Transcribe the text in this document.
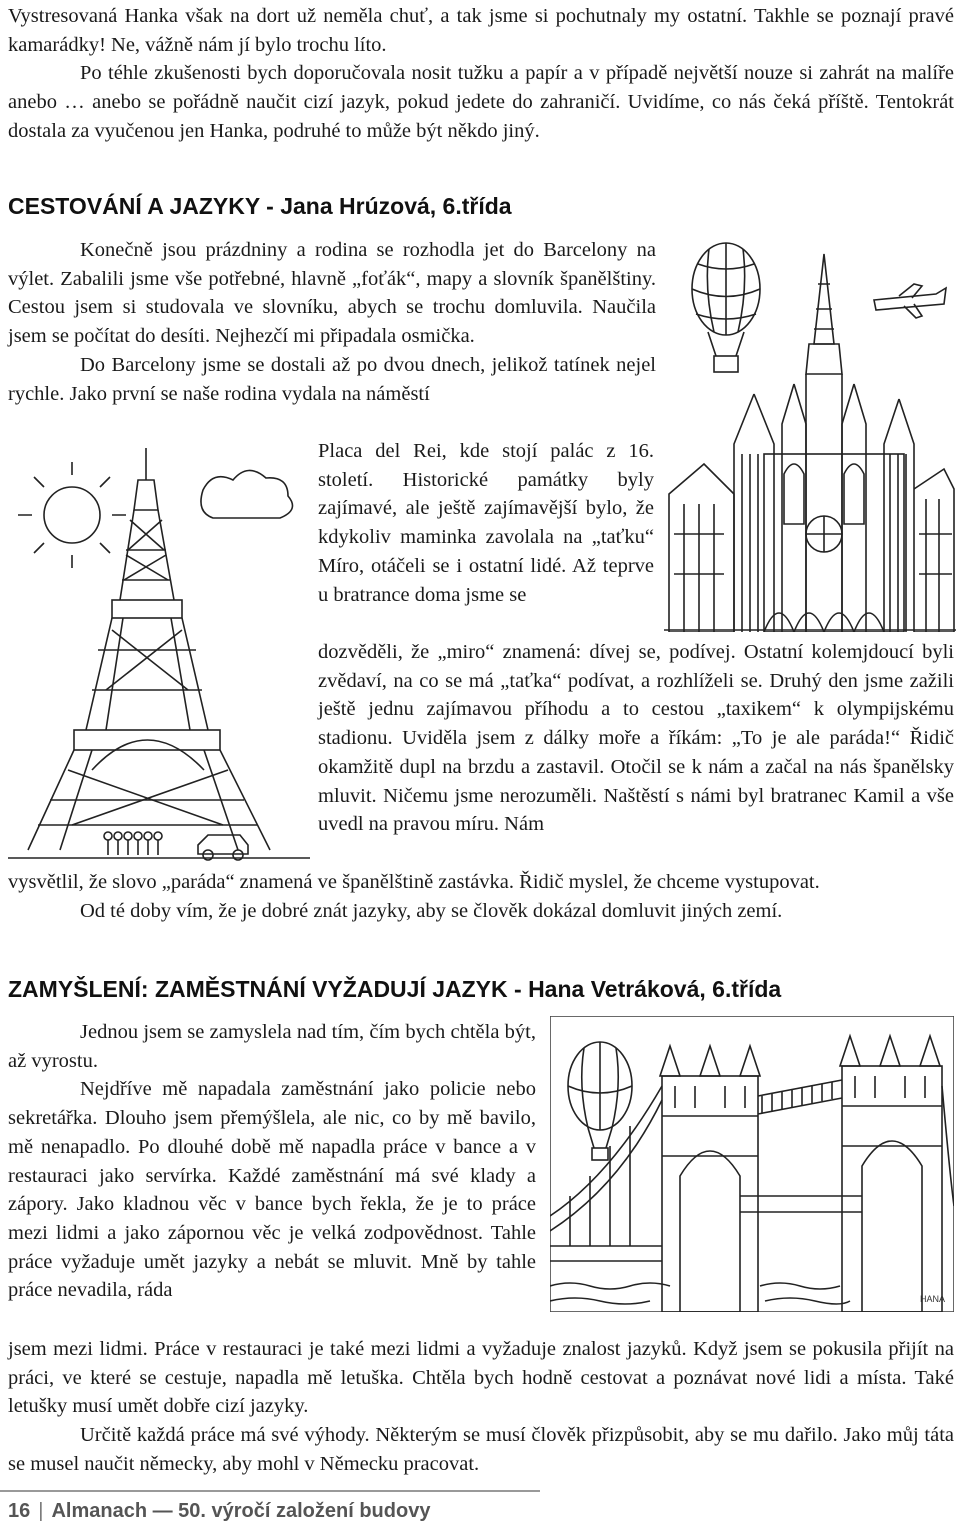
Vystresovaná Hanka však na dort už neměla chuť, a tak jsme si pochutnaly my ostatní. Takhle se poznají pravé kamarádky! Ne, vážně nám jí bylo trochu líto.

Po téhle zkušenosti bych doporučovala nosit tužku a papír a v případě největší nouze si zahrát na malíře anebo … anebo se pořádně naučit cizí jazyk, pokud jedete do zahraničí. Uvidíme, co nás čeká příště. Tentokrát dostala za vyučenou jen Hanka, podruhé to může být někdo jiný.

CESTOVÁNÍ A JAZYKY - Jana Hrúzová, 6.třída

Konečně jsou prázdniny a rodina se rozhodla jet do Barcelony na výlet. Zabalili jsme vše potřebné, hlavně „foťák“, mapy a slovník španělštiny. Cestou jsem si studovala ve slovníku, abych se trochu domluvila. Naučila jsem se počítat do desíti. Nejhezčí mi připadala osmička.

Do Barcelony jsme se dostali až po dvou dnech, jelikož tatínek nejel rychle. Jako první se naše rodina vydala na náměstí

Placa del Rei, kde stojí palác z 16. století. Historické památky byly zajímavé, ale ještě zajímavější bylo, že kdykoliv maminka zavolala na „taťku“ Míro, otáčeli se i ostatní lidé. Až teprve u bratrance doma jsme se

dozvěděli, že „miro“ znamená: dívej se, podívej. Ostatní kolemjdoucí byli zvědaví, na co se má „taťka“ podívat, a rozhlíželi se. Druhý den jsme zažili ještě jednu zajímavou příhodu a to cestou „taxikem“ k olympijskému stadionu. Uviděla jsem z dálky moře a říkám: „To je ale paráda!“ Řidič okamžitě dupl na brzdu a zastavil. Otočil se k nám a začal na nás španělsky mluvit. Ničemu jsme nerozuměli. Naštěstí s námi byl bratranec Kamil a vše uvedl na pravou míru. Nám

vysvětlil, že slovo „paráda“ znamená ve španělštině zastávka. Řidič myslel, že chceme vystupovat.

Od té doby vím, že je dobré znát jazyky, aby se člověk dokázal domluvit jiných zemí.

ZAMYŠLENÍ: ZAMĚSTNÁNÍ VYŽADUJÍ JAZYK - Hana Vetráková, 6.třída

Jednou jsem se zamyslela nad tím, čím bych chtěla být, až vyrostu.

Nejdříve mě napadala zaměstnání jako policie nebo sekretářka. Dlouho jsem přemýšlela, ale nic, co by mě bavilo, mě nenapadlo. Po dlouhé době mě napadla práce v bance a v restauraci jako servírka. Každé zaměstnání má své klady a zápory. Jako kladnou věc v bance bych řekla, že je to práce mezi lidmi a jako zápornou věc je velká zodpovědnost. Tahle práce vyžaduje umět jazyky a nebát se mluvit. Mně by tahle práce nevadila, ráda	HANA

jsem mezi lidmi. Práce v restauraci je také mezi lidmi a vyžaduje znalost jazyků. Když jsem se pokusila přijít na práci, ve které se cestuje, napadla mě letuška. Chtěla bych hodně cestovat a poznávat nové lidi a místa. Také letušky musí umět dobře cizí jazyky.

Určitě každá práce má své výhody. Některým se musí člověk přizpůsobit, aby se mu dařilo. Jako můj táta se musel naučit německy, aby mohl v Německu pracovat.

16 | Almanach — 50. výročí založení budovy
